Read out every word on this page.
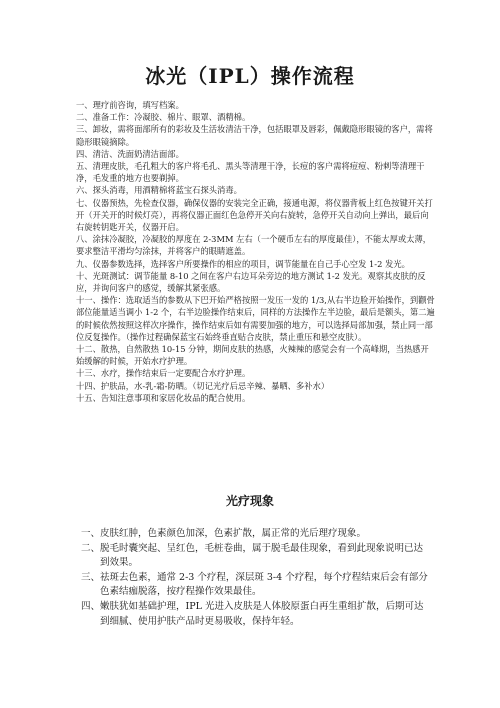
冰光（IPL）操作流程

一、理疗前咨询，填写档案。

二、准备工作：冷凝胶、棉片、眼罩、酒精棉。

三、卸妆，需将面部所有的彩妆及生活妆清洁干净，包括眼罩及唇彩，佩戴隐形眼镜的客户，需将隐形眼镜摘除。

四、清洁、洗面奶清洁面部。

五、清理皮肤，毛孔粗大的客户将毛孔、黑头等清理干净，长痘的客户需将痘痘、粉刺等清理干净，毛发重的地方也要剃掉。

六、探头消毒，用酒精棉将蓝宝石探头消毒。

七、仪器预热，先检查仪器，确保仪器的安装完全正确，接通电源，将仪器背板上红色按键开关打开（开关开的时候灯亮），再将仪器正面红色急停开关向右旋转，急停开关自动向上弹出，最后向右旋转钥匙开关，仪器开启。

八、涂抹冷凝胶，冷凝胶的厚度在 2-3MM 左右（一个硬币左右的厚度最佳），不能太厚或太薄，要求整洁平滑均匀涂抹，并将客户的眼睛遮盖。

九、仪器参数选择，选择客户所要操作的相应的项目，调节能量在自己手心空发 1-2 发光。

十、光斑测试：调节能量 8-10 之间在客户右边耳朵旁边的地方测试 1-2 发光。观察其皮肤的反应，并询问客户的感觉，缓解其紧张感。

十一、操作：选取适当的参数从下巴开始严格按照一发压一发的 1/3,从右半边脸开始操作，到颧骨部位能量适当调小 1-2 个，右半边脸操作结束后，同样的方法操作左半边脸，最后是额头，第二遍的时候依然按照这样次序操作，操作结束后如有需要加强的地方，可以选择局部加强，禁止同一部位反复操作。（操作过程确保蓝宝石始终垂直贴合皮肤，禁止重压和悬空皮肤）。

十二、散热，自然散热 10-15 分钟，期间皮肤的热感，火辣辣的感觉会有一个高峰期，当热感开始缓解的时候，开始水疗护理。

十三、水疗，操作结束后一定要配合水疗护理。

十四、护肤品，水-乳-霜-防晒。（切记光疗后忌辛辣、暴晒、多补水）

十五、告知注意事项和家居化妆品的配合使用。

光疗现象
一、 皮肤红肿，色素颜色加深，色素扩散，属正常的光后理疗现象。
二、 脱毛时囊突起、呈红色，毛桩卷曲，属于脱毛最佳现象，看到此现象说明已达到效果。
三、 祛斑去色素，通常 2-3 个疗程，深层斑 3-4 个疗程，每个疗程结束后会有部分色素结痂脱落，按疗程操作效果最佳。
四、 嫩肤犹如基础护理，IPL 光进入皮肤是人体胶原蛋白再生重组扩散，后期可达到细腻、使用护肤产品时更易吸收，保持年轻。
